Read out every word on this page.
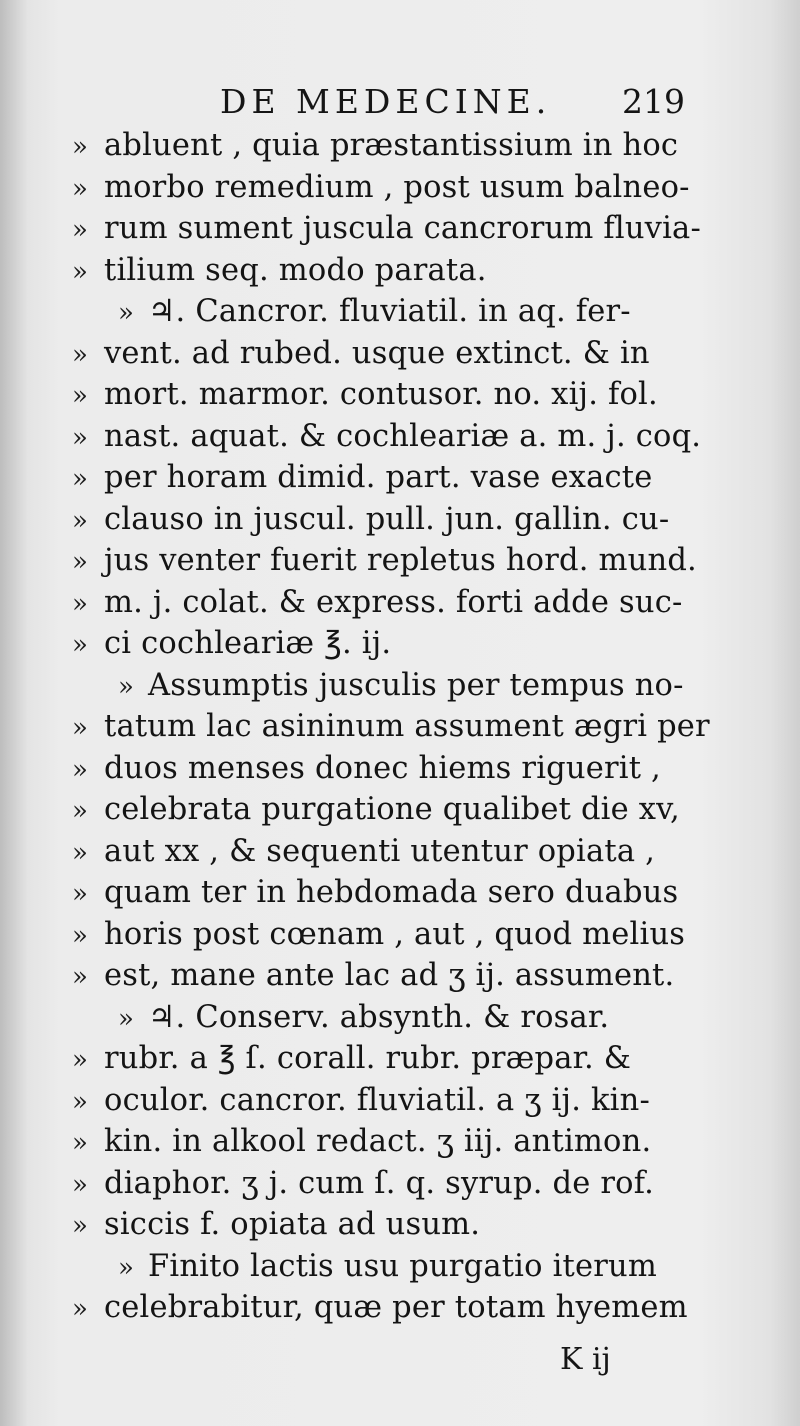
DE MEDECINE. 219
» abluent , quia præstantissium in hoc
» morbo remedium , post usum balneo-
» rum sument juscula cancrorum fluvia-
» tilium seq. modo parata.
» ♃. Cancror. fluviatil. in aq. fer-
» vent. ad rubed. usque extinct. & in
» mort. marmor. contusor. no. xij. fol.
» nast. aquat. & cochleariæ a. m. j. coq.
» per horam dimid. part. vase exacte
» clauso in juscul. pull. jun. gallin. cu-
» jus venter fuerit repletus hord. mund.
» m. j. colat. & express. forti adde suc-
» ci cochleariæ ℥. ij.
» Assumptis jusculis per tempus no-
» tatum lac asininum assument ægri per
» duos menses donec hiems riguerit ,
» celebrata purgatione qualibet die xv,
» aut xx , & sequenti utentur opiata ,
» quam ter in hebdomada sero duabus
» horis post cœnam , aut , quod melius
» est, mane ante lac ad ʒ ij. assument.
» ♃. Conserv. absynth. & rosar.
» rubr. a ℥ ſ. corall. rubr. præpar. &
» oculor. cancror. fluviatil. a ʒ ij. kin-
» kin. in alkool redact. ʒ iij. antimon.
» diaphor. ʒ j. cum ſ. q. syrup. de rof.
» siccis f. opiata ad usum.
» Finito lactis usu purgatio iterum
» celebrabitur, quæ per totam hyemem
K ij
